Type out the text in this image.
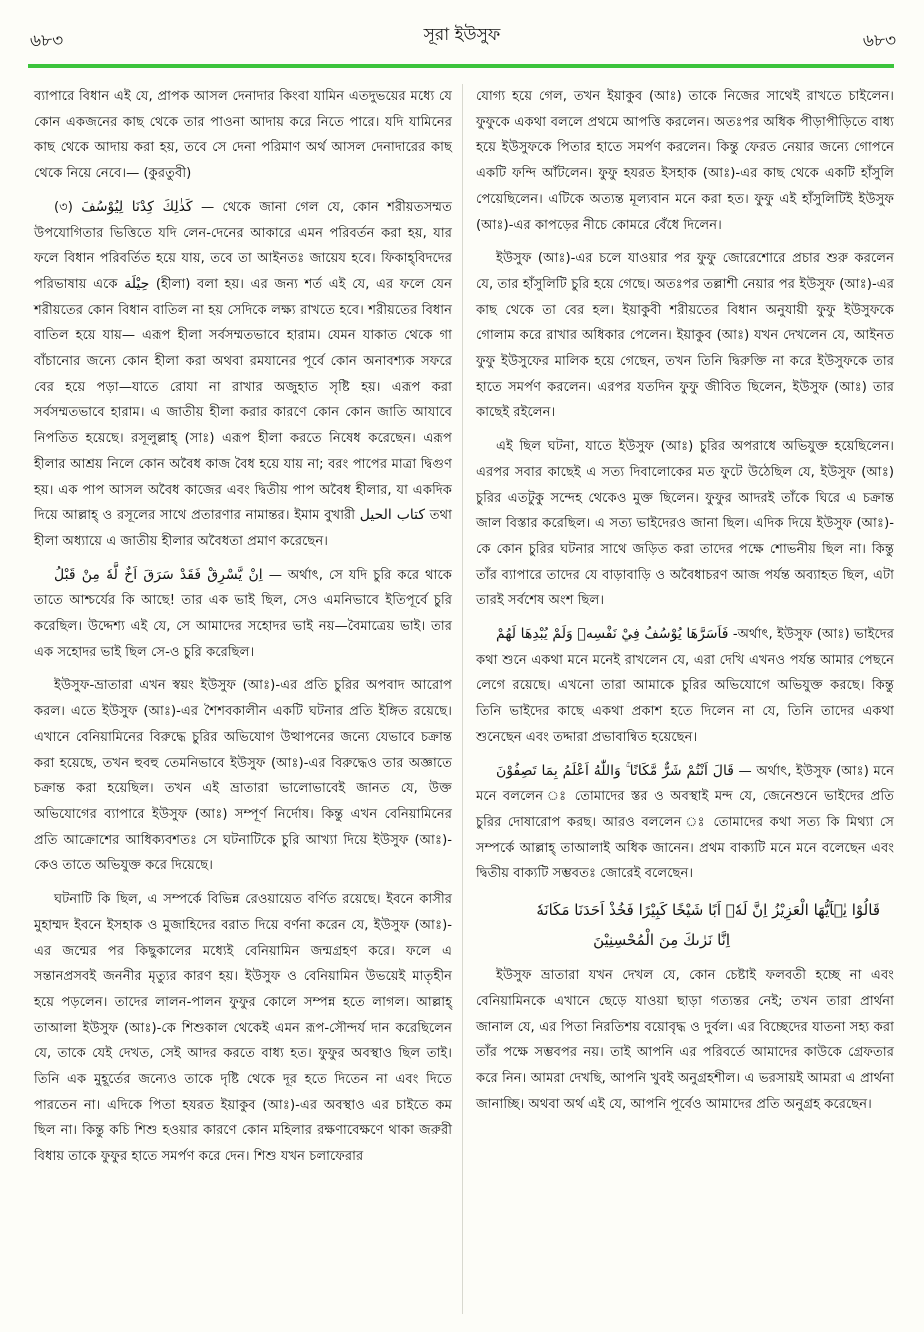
৬৮৩	সূরা ইউসুফ	৬৮৩

ব্যাপারে বিধান এই যে, প্রাপক আসল দেনাদার কিংবা যামিন এতদুভয়ের মধ্যে যে কোন একজনের কাছ থেকে তার পাওনা আদায় করে নিতে পারে। যদি যামিনের কাছ থেকে আদায় করা হয়, তবে সে দেনা পরিমাণ অর্থ আসল দেনাদারের কাছ থেকে নিয়ে নেবে।— (কুরতুবী)

(৩) كَذٰلِكَ كِدْنَا لِيُوْسُفَ — থেকে জানা গেল যে, কোন শরীয়তসম্মত উপযোগিতার ভিত্তিতে যদি লেন-দেনের আকারে এমন পরিবর্তন করা হয়, যার ফলে বিধান পরিবর্তিত হয়ে যায়, তবে তা আইনতঃ জায়েয হবে। ফিকাহ্‌বিদদের পরিভাষায় একে حِيْلَة (হীলা) বলা হয়। এর জন্য শর্ত এই যে, এর ফলে যেন শরীয়তের কোন বিধান বাতিল না হয় সেদিকে লক্ষ্য রাখতে হবে। শরীয়তের বিধান বাতিল হয়ে যায়— এরূপ হীলা সর্বসম্মতভাবে হারাম। যেমন যাকাত থেকে গা বাঁচানোর জন্যে কোন হীলা করা অথবা রমযানের পূর্বে কোন অনাবশ্যক সফরে বের হয়ে পড়া—যাতে রোযা না রাখার অজুহাত সৃষ্টি হয়। এরূপ করা সর্বসম্মতভাবে হারাম। এ জাতীয় হীলা করার কারণে কোন কোন জাতি আযাবে নিপতিত হয়েছে। রসূলুল্লাহ্‌ (সাঃ) এরূপ হীলা করতে নিষেধ করেছেন। এরূপ হীলার আশ্রয় নিলে কোন অবৈধ কাজ বৈধ হয়ে যায় না; বরং পাপের মাত্রা দ্বিগুণ হয়। এক পাপ আসল অবৈধ কাজের এবং দ্বিতীয় পাপ অবৈধ হীলার, যা একদিক দিয়ে আল্লাহ্‌ ও রসূলের সাথে প্রতারণার নামান্তর। ইমাম বুখারী كتاب الحيل তথা হীলা অধ্যায়ে এ জাতীয় হীলার অবৈধতা প্রমাণ করেছেন।

اِنْ يَّسْرِقْ فَقَدْ سَرَقَ اَخٌ لَّهٗ مِنْ قَبْلُ — অর্থাৎ, সে যদি চুরি করে থাকে তাতে আশ্চর্যের কি আছে! তার এক ভাই ছিল, সেও এমনিভাবে ইতিপূর্বে চুরি করেছিল। উদ্দেশ্য এই যে, সে আমাদের সহোদর ভাই নয়—বৈমাত্রেয় ভাই। তার এক সহোদর ভাই ছিল সে-ও চুরি করেছিল।

ইউসুফ-ভ্রাতারা এখন স্বয়ং ইউসুফ (আঃ)-এর প্রতি চুরির অপবাদ আরোপ করল। এতে ইউসুফ (আঃ)-এর শৈশবকালীন একটি ঘটনার প্রতি ইঙ্গিত রয়েছে। এখানে বেনিয়ামিনের বিরুদ্ধে চুরির অভিযোগ উত্থাপনের জন্যে যেভাবে চক্রান্ত করা হয়েছে, তখন হুবহু তেমনিভাবে ইউসুফ (আঃ)-এর বিরুদ্ধেও তার অজ্ঞাতে চক্রান্ত করা হয়েছিল। তখন এই ভ্রাতারা ভালোভাবেই জানত যে, উক্ত অভিযোগের ব্যাপারে ইউসুফ (আঃ) সম্পূর্ণ নির্দোষ। কিন্তু এখন বেনিয়ামিনের প্রতি আক্রোশের আধিক্যবশতঃ সে ঘটনাটিকে চুরি আখ্যা দিয়ে ইউসুফ (আঃ)-কেও তাতে অভিযুক্ত করে দিয়েছে।

ঘটনাটি কি ছিল, এ সম্পর্কে বিভিন্ন রেওয়ায়েত বর্ণিত রয়েছে। ইবনে কাসীর মুহাম্মদ ইবনে ইসহাক ও মুজাহিদের বরাত দিয়ে বর্ণনা করেন যে, ইউসুফ (আঃ)-এর জন্মের পর কিছুকালের মধ্যেই বেনিয়ামিন জন্মগ্রহণ করে। ফলে এ সন্তানপ্রসবই জননীর মৃত্যুর কারণ হয়। ইউসুফ ও বেনিয়ামিন উভয়েই মাতৃহীন হয়ে পড়লেন। তাদের লালন-পালন ফুফুর কোলে সম্পন্ন হতে লাগল। আল্লাহ্‌ তাআলা ইউসুফ (আঃ)-কে শিশুকাল থেকেই এমন রূপ-সৌন্দর্য দান করেছিলেন যে, তাকে যেই দেখত, সেই আদর করতে বাধ্য হত। ফুফুর অবস্থাও ছিল তাই। তিনি এক মুহূর্তের জন্যেও তাকে দৃষ্টি থেকে দূর হতে দিতেন না এবং দিতে পারতেন না। এদিকে পিতা হযরত ইয়াকুব (আঃ)-এর অবস্থাও এর চাইতে কম ছিল না। কিন্তু কচি শিশু হওয়ার কারণে কোন মহিলার রক্ষণাবেক্ষণে থাকা জরুরী বিধায় তাকে ফুফুর হাতে সমর্পণ করে দেন। শিশু যখন চলাফেরার

যোগ্য হয়ে গেল, তখন ইয়াকুব (আঃ) তাকে নিজের সাথেই রাখতে চাইলেন। ফুফুকে একথা বললে প্রথমে আপত্তি করলেন। অতঃপর অধিক পীড়াপীড়িতে বাধ্য হয়ে ইউসুফকে পিতার হাতে সমর্পণ করলেন। কিন্তু ফেরত নেয়ার জন্যে গোপনে একটি ফন্দি আঁটলেন। ফুফু হযরত ইসহাক (আঃ)-এর কাছ থেকে একটি হাঁসুলি পেয়েছিলেন। এটিকে অত্যন্ত মূল্যবান মনে করা হত। ফুফু এই হাঁসুলিটিই ইউসুফ (আঃ)-এর কাপড়ের নীচে কোমরে বেঁধে দিলেন।

ইউসুফ (আঃ)-এর চলে যাওয়ার পর ফুফু জোরেশোরে প্রচার শুরু করলেন যে, তার হাঁসুলিটি চুরি হয়ে গেছে। অতঃপর তল্লাশী নেয়ার পর ইউসুফ (আঃ)-এর কাছ থেকে তা বের হল। ইয়াকুবী শরীয়তের বিধান অনুযায়ী ফুফু ইউসুফকে গোলাম করে রাখার অধিকার পেলেন। ইয়াকুব (আঃ) যখন দেখলেন যে, আইনত ফুফু ইউসুফের মালিক হয়ে গেছেন, তখন তিনি দ্বিরুক্তি না করে ইউসুফকে তার হাতে সমর্পণ করলেন। এরপর যতদিন ফুফু জীবিত ছিলেন, ইউসুফ (আঃ) তার কাছেই রইলেন।

এই ছিল ঘটনা, যাতে ইউসুফ (আঃ) চুরির অপরাধে অভিযুক্ত হয়েছিলেন। এরপর সবার কাছেই এ সত্য দিবালোকের মত ফুটে উঠেছিল যে, ইউসুফ (আঃ) চুরির এতটুকু সন্দেহ থেকেও মুক্ত ছিলেন। ফুফুর আদরই তাঁকে ঘিরে এ চক্রান্ত জাল বিস্তার করেছিল। এ সত্য ভাইদেরও জানা ছিল। এদিক দিয়ে ইউসুফ (আঃ)- কে কোন চুরির ঘটনার সাথে জড়িত করা তাদের পক্ষে শোভনীয় ছিল না। কিন্তু তাঁর ব্যাপারে তাদের যে বাড়াবাড়ি ও অবৈধাচরণ আজ পর্যন্ত অব্যাহত ছিল, এটা তারই সর্বশেষ অংশ ছিল।

فَاَسَرَّهَا يُوْسُفُ فِيْ نَفْسِهٖ وَلَمْ يُبْدِهَا لَهُمْ -অর্থাৎ, ইউসুফ (আঃ) ভাইদের কথা শুনে একথা মনে মনেই রাখলেন যে, এরা দেখি এখনও পর্যন্ত আমার পেছনে লেগে রয়েছে। এখনো তারা আমাকে চুরির অভিযোগে অভিযুক্ত করছে। কিন্তু তিনি ভাইদের কাছে একথা প্রকাশ হতে দিলেন না যে, তিনি তাদের একথা শুনেছেন এবং তদ্দারা প্রভাবান্বিত হয়েছেন।

قَالَ اَنْتُمْ شَرٌّ مَّكَانًا ۚ وَاللّٰهُ اَعْلَمُ بِمَا تَصِفُوْنَ — অর্থাৎ, ইউসুফ (আঃ) মনে মনে বললেন ঃ তোমাদের স্তর ও অবস্থাই মন্দ যে, জেনেশুনে ভাইদের প্রতি চুরির দোষারোপ করছ। আরও বললেন ঃ তোমাদের কথা সত্য কি মিথ্যা সে সম্পর্কে আল্লাহ্‌ তাআলাই অধিক জানেন। প্রথম বাক্যটি মনে মনে বলেছেন এবং দ্বিতীয় বাক্যটি সম্ভবতঃ জোরেই বলেছেন।

قَالُوْا يٰۤاَيُّهَا الْعَزِيْزُ اِنَّ لَهٗۤ اَبًا شَيْخًا كَبِيْرًا فَخُذْ اَحَدَنَا مَكَانَهٗ
اِنَّا نَرٰىكَ مِنَ الْمُحْسِنِيْنَ

ইউসুফ ভ্রাতারা যখন দেখল যে, কোন চেষ্টাই ফলবতী হচ্ছে না এবং বেনিয়ামিনকে এখানে ছেড়ে যাওয়া ছাড়া গত্যন্তর নেই; তখন তারা প্রার্থনা জানাল যে, এর পিতা নিরতিশয় বয়োবৃদ্ধ ও দুর্বল। এর বিচ্ছেদের যাতনা সহ্য করা তাঁর পক্ষে সম্ভবপর নয়। তাই আপনি এর পরিবর্তে আমাদের কাউকে গ্রেফতার করে নিন। আমরা দেখছি, আপনি খুবই অনুগ্রহশীল। এ ভরসায়ই আমরা এ প্রার্থনা জানাচ্ছি। অথবা অর্থ এই যে, আপনি পূর্বেও আমাদের প্রতি অনুগ্রহ করেছেন।
